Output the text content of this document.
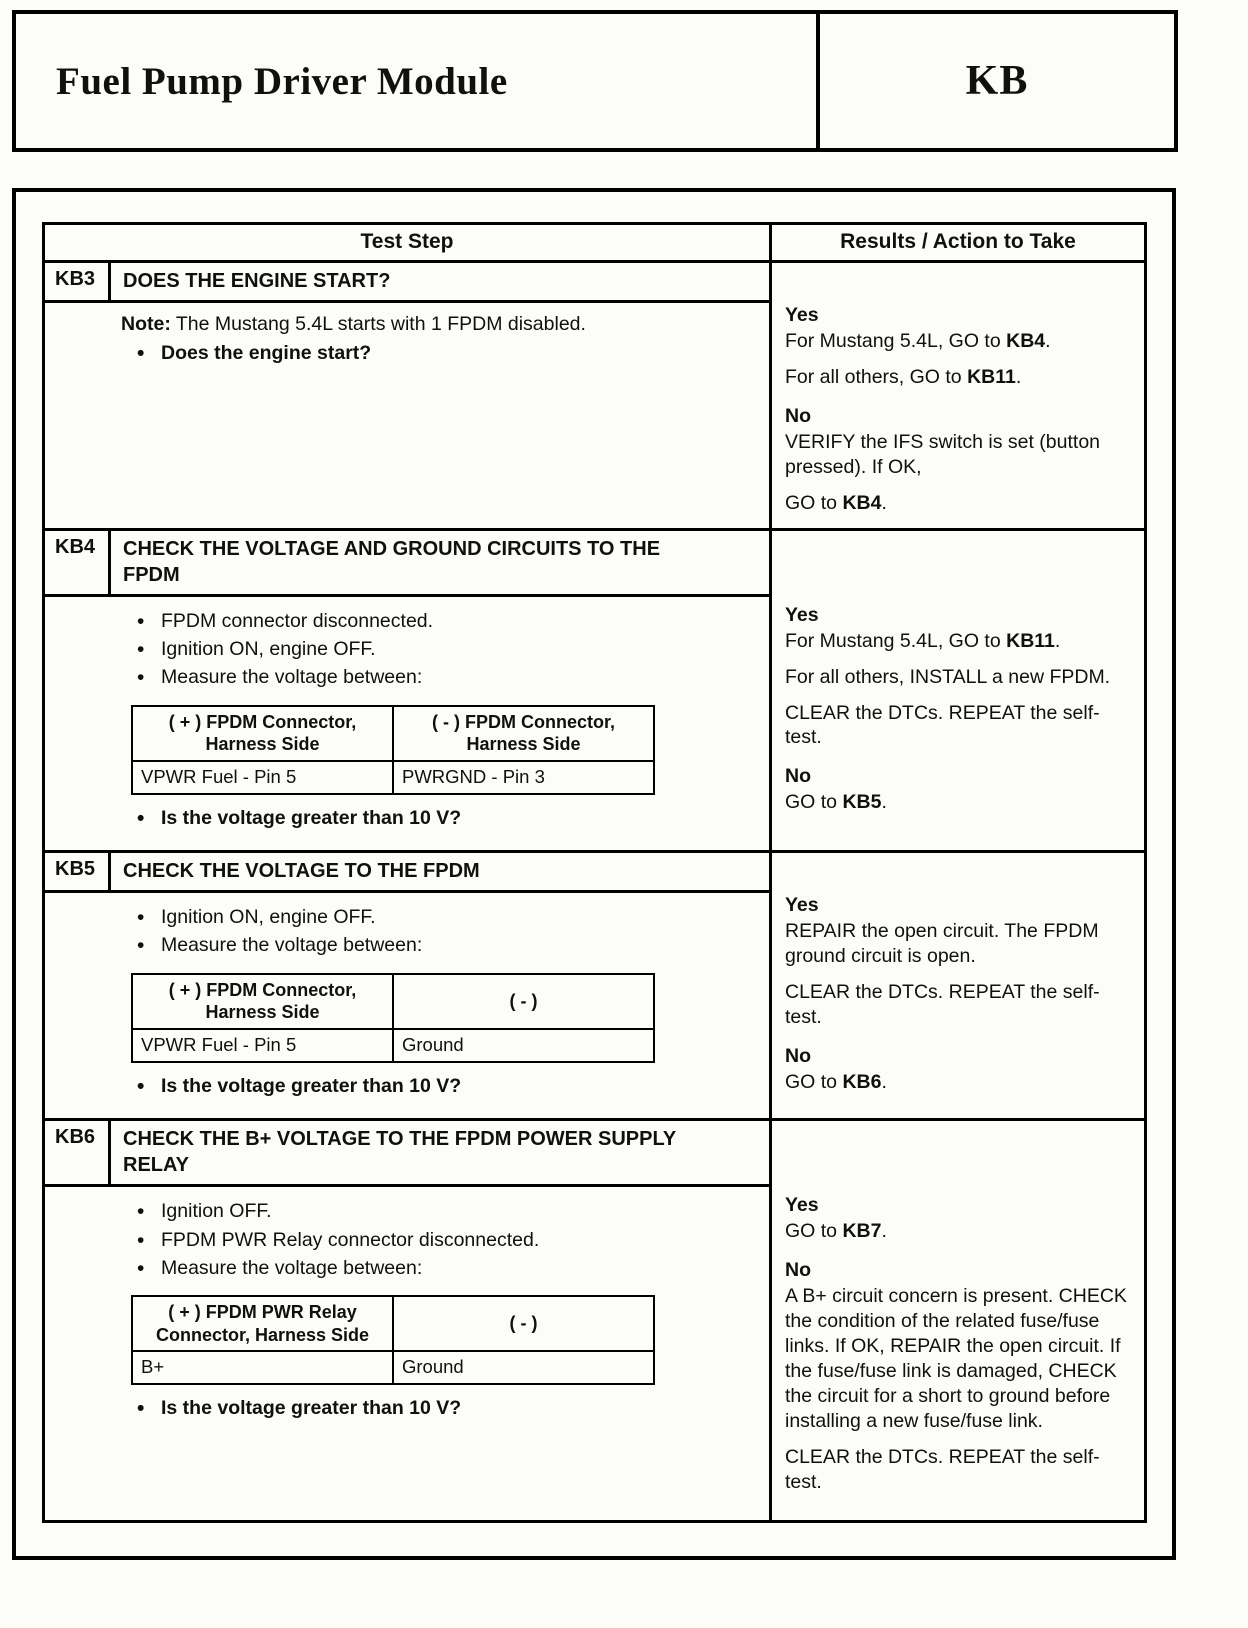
Fuel Pump Driver Module	KB
Test Step	Results / Action to Take

KB3	DOES THE ENGINE START?

Note: The Mustang 5.4L starts with 1 FPDM disabled.

• Does the engine start?

Yes

For Mustang 5.4L, GO to KB4.

For all others, GO to KB11.

No

VERIFY the IFS switch is set (button pressed). If OK,

GO to KB4.

KB4	CHECK THE VOLTAGE AND GROUND CIRCUITS TO THE FPDM
• FPDM connector disconnected.
• Ignition ON, engine OFF.
• Measure the voltage between:
( + ) FPDM Connector, Harness Side	( - ) FPDM Connector, Harness Side
VPWR Fuel - Pin 5	PWRGND - Pin 3
• Is the voltage greater than 10 V?

Yes

For Mustang 5.4L, GO to KB11.

For all others, INSTALL a new FPDM.

CLEAR the DTCs. REPEAT the self-test.

No

GO to KB5.

KB5	CHECK THE VOLTAGE TO THE FPDM
• Ignition ON, engine OFF.
• Measure the voltage between:
( + ) FPDM Connector, Harness Side	( - )
VPWR Fuel - Pin 5	Ground
• Is the voltage greater than 10 V?

Yes

REPAIR the open circuit. The FPDM ground circuit is open.

CLEAR the DTCs. REPEAT the self-test.

No

GO to KB6.

KB6	CHECK THE B+ VOLTAGE TO THE FPDM POWER SUPPLY RELAY
• Ignition OFF.
• FPDM PWR Relay connector disconnected.
• Measure the voltage between:
( + ) FPDM PWR Relay Connector, Harness Side	( - )
B+	Ground
• Is the voltage greater than 10 V?

Yes

GO to KB7.

No

A B+ circuit concern is present. CHECK the condition of the related fuse/fuse links. If OK, REPAIR the open circuit. If the fuse/fuse link is damaged, CHECK the circuit for a short to ground before installing a new fuse/fuse link.

CLEAR the DTCs. REPEAT the self-test.
